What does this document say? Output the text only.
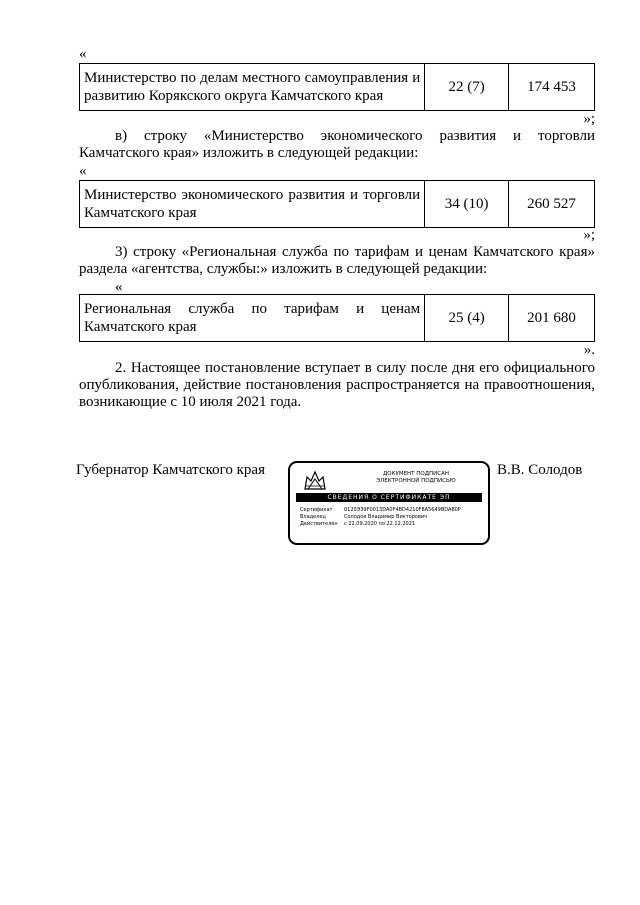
«
Министерство по делам местного самоуправления и развитию Корякского округа Камчатского края	22 (7)	174 453
»;
в) строку «Министерство экономического развития и торговли Камчатского края» изложить в следующей редакции:
«
Министерство экономического развития и торговли Камчатского края	34 (10)	260 527
»;
3) строку «Региональная служба по тарифам и ценам Камчатского края» раздела «агентства, службы:» изложить в следующей редакции:
«
Региональная служба по тарифам и ценам Камчатского края	25 (4)	201 680
».
2. Настоящее постановление вступает в силу после дня его официального опубликования, действие постановления распространяется на правоотношения, возникающие с 10 июля 2021 года.
Губернатор Камчатского края	В.В. Солодов
ДОКУМЕНТ ПОДПИСАН
ЭЛЕКТРОННОЙ ПОДПИСЬЮ
СВЕДЕНИЯ О СЕРТИФИКАТЕ ЭП
Сертификат	0120ЭЗ9F0013DA0F4BD4210F8A5649BDA80P
Владелец	Солодов Владимир Викторович
Действителен	с 22.09.2020 по 22.12.2021
